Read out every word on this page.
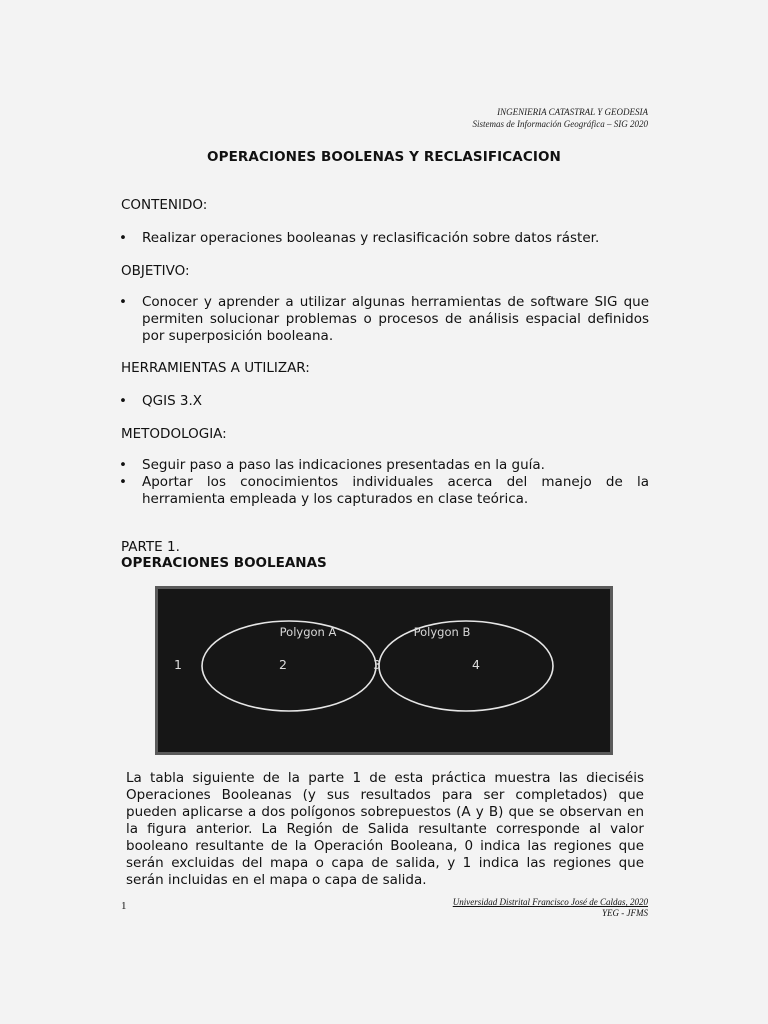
INGENIERIA CATASTRAL Y GEODESIA
Sistemas de Información Geográfica – SIG 2020
OPERACIONES BOOLENAS Y RECLASIFICACION
CONTENIDO:
• Realizar operaciones booleanas y reclasificación sobre datos ráster.
OBJETIVO:
• Conocer y aprender a utilizar algunas herramientas de software SIG que permiten solucionar problemas o procesos de análisis espacial definidos por superposición booleana.
HERRAMIENTAS A UTILIZAR:
• QGIS 3.X
METODOLOGIA:
• Seguir paso a paso las indicaciones presentadas en la guía.
• Aportar los conocimientos individuales acerca del manejo de la herramienta empleada y los capturados en clase teórica.
PARTE 1.
OPERACIONES BOOLEANAS
Polygon A	Polygon B
1	2	3	4
La tabla siguiente de la parte 1 de esta práctica muestra las dieciséis Operaciones Booleanas (y sus resultados para ser completados) que pueden aplicarse a dos polígonos sobrepuestos (A y B) que se observan en la figura anterior. La Región de Salida resultante corresponde al valor booleano resultante de la Operación Booleana, 0 indica las regiones que serán excluidas del mapa o capa de salida, y 1 indica las regiones que serán incluidas en el mapa o capa de salida.
1	Universidad Distrital Francisco José de Caldas, 2020
YEG - JFMS
